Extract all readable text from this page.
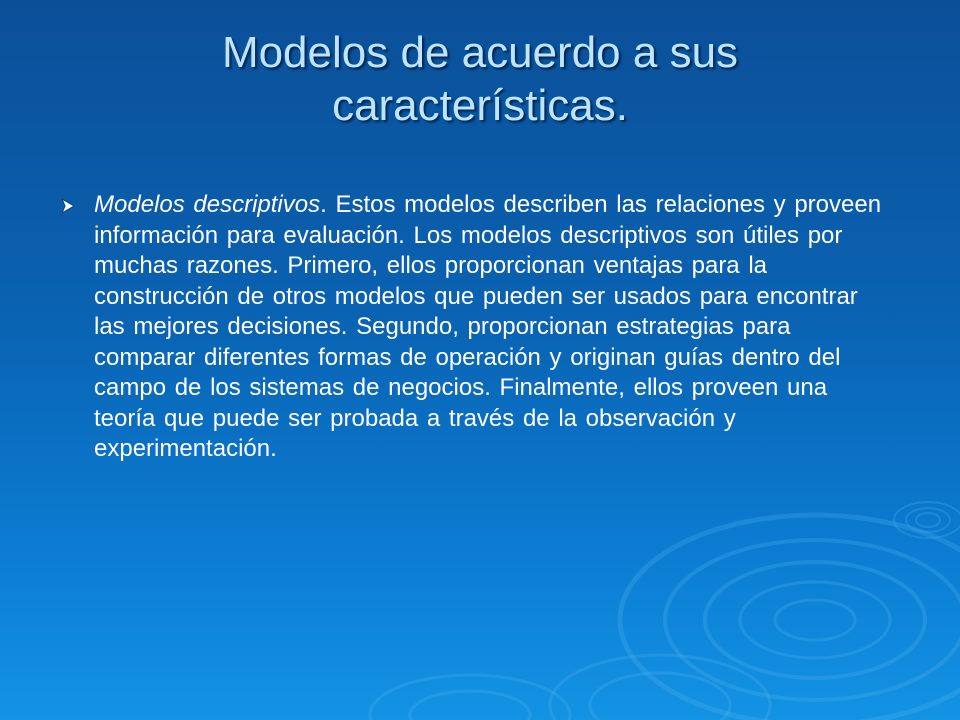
Modelos de acuerdo a sus
características.

Modelos descriptivos. Estos modelos describen las relaciones y proveen información para evaluación. Los modelos descriptivos son útiles por muchas razones. Primero, ellos proporcionan ventajas para la construcción de otros modelos que pueden ser usados para encontrar las mejores decisiones. Segundo, proporcionan estrategias para comparar diferentes formas de operación y originan guías dentro del campo de los sistemas de negocios. Finalmente, ellos proveen una teoría que puede ser probada a través de la observación y experimentación.
